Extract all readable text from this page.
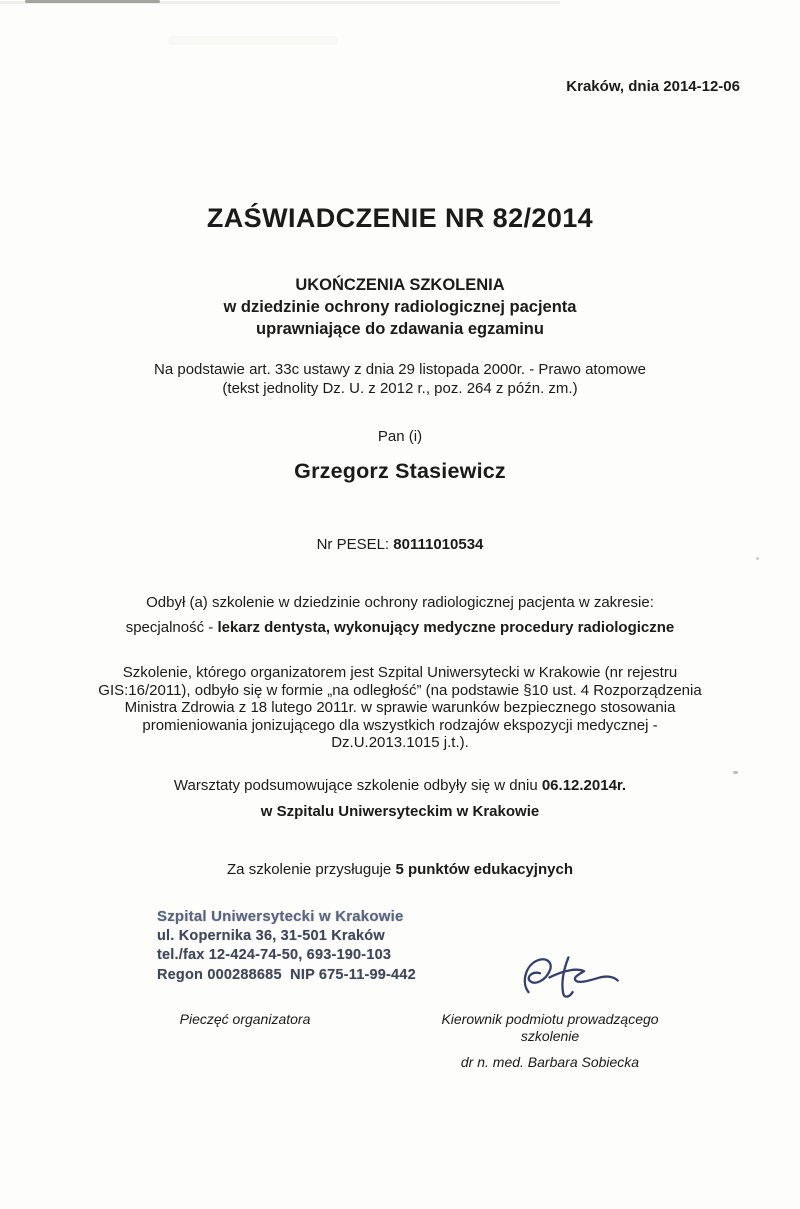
Kraków, dnia 2014-12-06
ZAŚWIADCZENIE NR 82/2014
UKOŃCZENIA SZKOLENIA
w dziedzinie ochrony radiologicznej pacjenta
uprawniające do zdawania egzaminu
Na podstawie art. 33c ustawy z dnia 29 listopada 2000r. - Prawo atomowe
(tekst jednolity Dz. U. z 2012 r., poz. 264 z późn. zm.)
Pan (i)
Grzegorz Stasiewicz
Nr PESEL: 80111010534
Odbył (a) szkolenie w dziedzinie ochrony radiologicznej pacjenta w zakresie:
specjalność - lekarz dentysta, wykonujący medyczne procedury radiologiczne
Szkolenie, którego organizatorem jest Szpital Uniwersytecki w Krakowie (nr rejestru
GIS:16/2011), odbyło się w formie „na odległość” (na podstawie §10 ust. 4 Rozporządzenia
Ministra Zdrowia z 18 lutego 2011r. w sprawie warunków bezpiecznego stosowania
promieniowania jonizującego dla wszystkich rodzajów ekspozycji medycznej -
Dz.U.2013.1015 j.t.).
Warsztaty podsumowujące szkolenie odbyły się w dniu 06.12.2014r.
w Szpitalu Uniwersyteckim w Krakowie
Za szkolenie przysługuje 5 punktów edukacyjnych
Szpital Uniwersytecki w Krakowie
ul. Kopernika 36, 31-501 Kraków
tel./fax 12-424-74-50, 693-190-103
Regon 000288685  NIP 675-11-99-442
Pieczęć organizatora	Kierownik podmiotu prowadzącego szkolenie
dr n. med. Barbara Sobiecka
